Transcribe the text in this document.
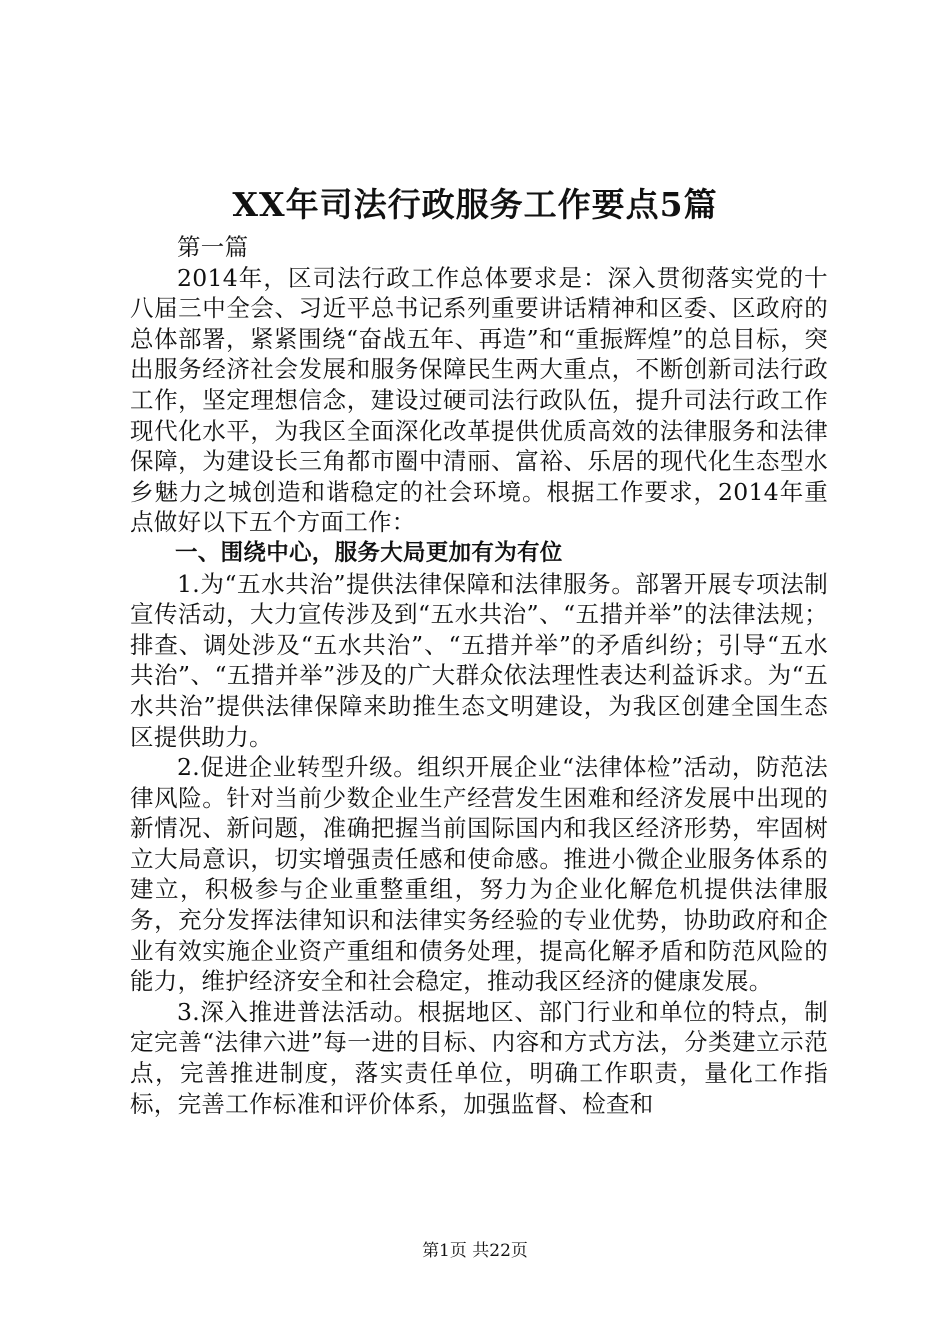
XX年司法行政服务工作要点5篇

第一篇

2014年，区司法行政工作总体要求是：深入贯彻落实党的十八届三中全会、习近平总书记系列重要讲话精神和区委、区政府的总体部署，紧紧围绕“奋战五年、再造”和“重振辉煌”的总目标，突出服务经济社会发展和服务保障民生两大重点，不断创新司法行政工作，坚定理想信念，建设过硬司法行政队伍，提升司法行政工作现代化水平，为我区全面深化改革提供优质高效的法律服务和法律保障，为建设长三角都市圈中清丽、富裕、乐居的现代化生态型水乡魅力之城创造和谐稳定的社会环境。根据工作要求，2014年重点做好以下五个方面工作：

一、围绕中心，服务大局更加有为有位

1.为“五水共治”提供法律保障和法律服务。部署开展专项法制宣传活动，大力宣传涉及到“五水共治”、“五措并举”的法律法规；排查、调处涉及“五水共治”、“五措并举”的矛盾纠纷；引导“五水共治”、“五措并举”涉及的广大群众依法理性表达利益诉求。为“五水共治”提供法律保障来助推生态文明建设，为我区创建全国生态区提供助力。

2.促进企业转型升级。组织开展企业“法律体检”活动，防范法律风险。针对当前少数企业生产经营发生困难和经济发展中出现的新情况、新问题，准确把握当前国际国内和我区经济形势，牢固树立大局意识，切实增强责任感和使命感。推进小微企业服务体系的建立，积极参与企业重整重组，努力为企业化解危机提供法律服务，充分发挥法律知识和法律实务经验的专业优势，协助政府和企业有效实施企业资产重组和债务处理，提高化解矛盾和防范风险的能力，维护经济安全和社会稳定，推动我区经济的健康发展。

3.深入推进普法活动。根据地区、部门行业和单位的特点，制定完善“法律六进”每一进的目标、内容和方式方法，分类建立示范点，完善推进制度，落实责任单位，明确工作职责，量化工作指标，完善工作标准和评价体系，加强监督、检查和

第1页 共22页
